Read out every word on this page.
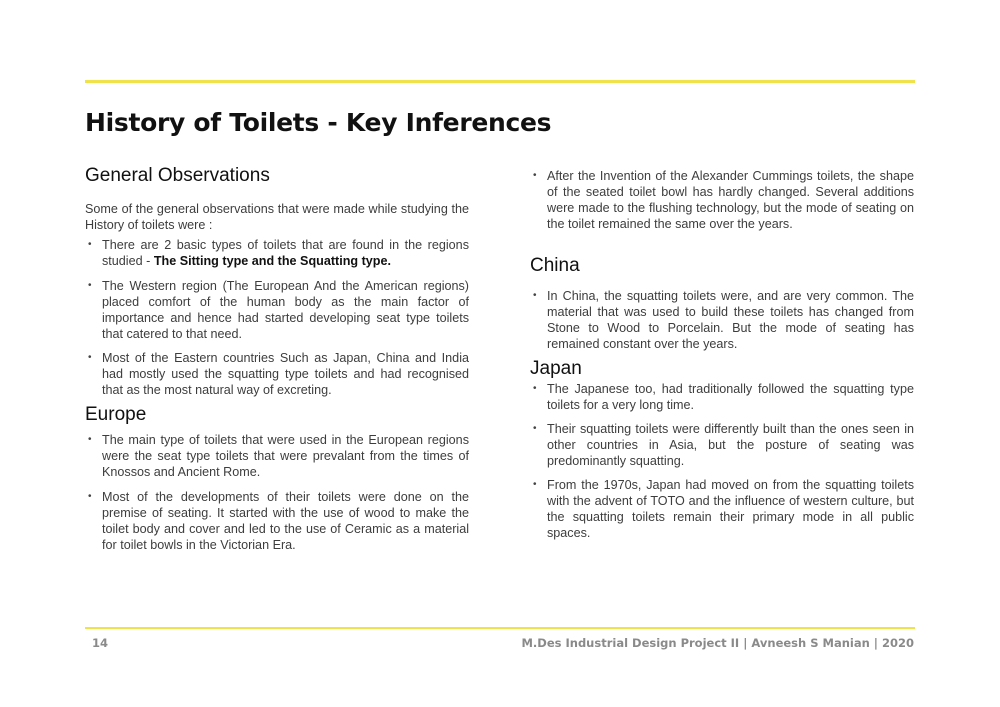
History of Toilets - Key Inferences
General Observations

Some of the general observations that were made while studying the History of toilets were :

• There are 2 basic types of toilets that are found in the regions studied - The Sitting type and the Squatting type.
• The Western region (The European And the American regions) placed comfort of the human body as the main factor of importance and hence had started developing seat type toilets that catered to that need.
• Most of the Eastern countries Such as Japan, China and India had mostly used the squatting type toilets and had recognised that as the most natural way of excreting.
Europe
• The main type of toilets that were used in the European regions were the seat type toilets that were prevalant from the times of Knossos and Ancient Rome.
• Most of the developments of their toilets were done on the premise of seating. It started with the use of wood to make the toilet body and cover and led to the use of Ceramic as a material for toilet bowls in the Victorian Era.
• After the Invention of the Alexander Cummings toilets, the shape of the seated toilet bowl has hardly changed. Several additions were made to the flushing technology, but the mode of seating on the toilet remained the same over the years.
China
• In China, the squatting toilets were, and are very common. The material that was used to build these toilets has changed from Stone to Wood to Porcelain. But the mode of seating has remained constant over the years.
Japan
• The Japanese too, had traditionally followed the squatting type toilets for a very long time.
• Their squatting toilets were differently built than the ones seen in other countries in Asia, but the posture of seating was predominantly squatting.
• From the 1970s, Japan had moved on from the squatting toilets with the advent of TOTO and the influence of western culture, but the squatting toilets remain their primary mode in all public spaces.
14	M.Des Industrial Design Project II | Avneesh S Manian | 2020
